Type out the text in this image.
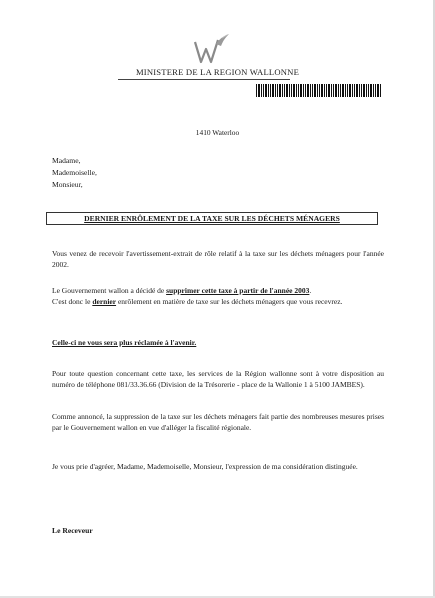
MINISTERE DE LA REGION WALLONNE
1410 Waterloo
Madame,
Mademoiselle,
Monsieur,
DERNIER ENRÔLEMENT DE LA TAXE SUR LES DÉCHETS MÉNAGERS
Vous venez de recevoir l'avertissement-extrait de rôle relatif à la taxe sur les déchets ménagers pour l'année 2002.
Le Gouvernement wallon a décidé de supprimer cette taxe à partir de l'année 2003.
C'est donc le dernier enrôlement en matière de taxe sur les déchets ménagers que vous recevrez.
Celle-ci ne vous sera plus réclamée à l'avenir.
Pour toute question concernant cette taxe, les services de la Région wallonne sont à votre disposition au numéro de téléphone 081/33.36.66 (Division de la Trésorerie - place de la Wallonie 1 à 5100 JAMBES).
Comme annoncé, la suppression de la taxe sur les déchets ménagers fait partie des nombreuses mesures prises par le Gouvernement wallon en vue d'alléger la fiscalité régionale.
Je vous prie d'agréer, Madame, Mademoiselle, Monsieur, l'expression de ma considération distinguée.
Le Receveur
